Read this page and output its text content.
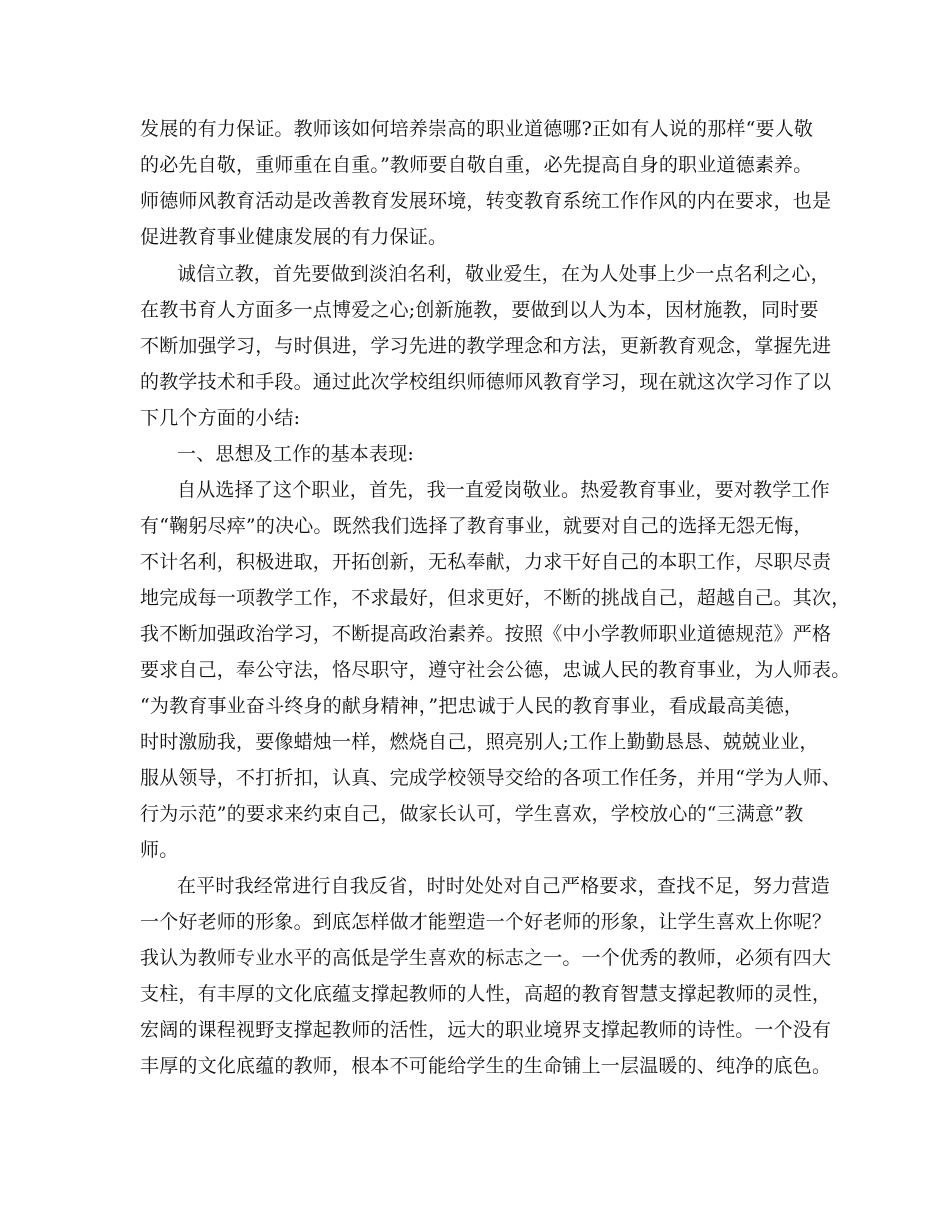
发展的有力保证。教师该如何培养崇高的职业道德哪?正如有人说的那样“要人敬
的必先自敬，重师重在自重。”教师要自敬自重，必先提高自身的职业道德素养。
师德师风教育活动是改善教育发展环境，转变教育系统工作作风的内在要求，也是
促进教育事业健康发展的有力保证。
诚信立教，首先要做到淡泊名利，敬业爱生，在为人处事上少一点名利之心，
在教书育人方面多一点博爱之心;创新施教，要做到以人为本，因材施教，同时要
不断加强学习，与时俱进，学习先进的教学理念和方法，更新教育观念，掌握先进
的教学技术和手段。通过此次学校组织师德师风教育学习，现在就这次学习作了以
下几个方面的小结:
一、思想及工作的基本表现:
自从选择了这个职业，首先，我一直爱岗敬业。热爱教育事业，要对教学工作
有“鞠躬尽瘁”的决心。既然我们选择了教育事业，就要对自己的选择无怨无悔，
不计名利，积极进取，开拓创新，无私奉献，力求干好自己的本职工作，尽职尽责
地完成每一项教学工作，不求最好，但求更好，不断的挑战自己，超越自己。其次，
我不断加强政治学习，不断提高政治素养。按照《中小学教师职业道德规范》严格
要求自己，奉公守法，恪尽职守，遵守社会公德，忠诚人民的教育事业，为人师表。
“为教育事业奋斗终身的献身精神，”把忠诚于人民的教育事业，看成最高美德，
时时激励我，要像蜡烛一样，燃烧自己，照亮别人;工作上勤勤恳恳、兢兢业业，
服从领导，不打折扣，认真、完成学校领导交给的各项工作任务，并用“学为人师、
行为示范”的要求来约束自己，做家长认可，学生喜欢，学校放心的“三满意”教
师。
在平时我经常进行自我反省，时时处处对自己严格要求，查找不足，努力营造
一个好老师的形象。到底怎样做才能塑造一个好老师的形象，让学生喜欢上你呢？
我认为教师专业水平的高低是学生喜欢的标志之一。一个优秀的教师，必须有四大
支柱，有丰厚的文化底蕴支撑起教师的人性，高超的教育智慧支撑起教师的灵性，
宏阔的课程视野支撑起教师的活性，远大的职业境界支撑起教师的诗性。一个没有
丰厚的文化底蕴的教师，根本不可能给学生的生命铺上一层温暖的、纯净的底色。
